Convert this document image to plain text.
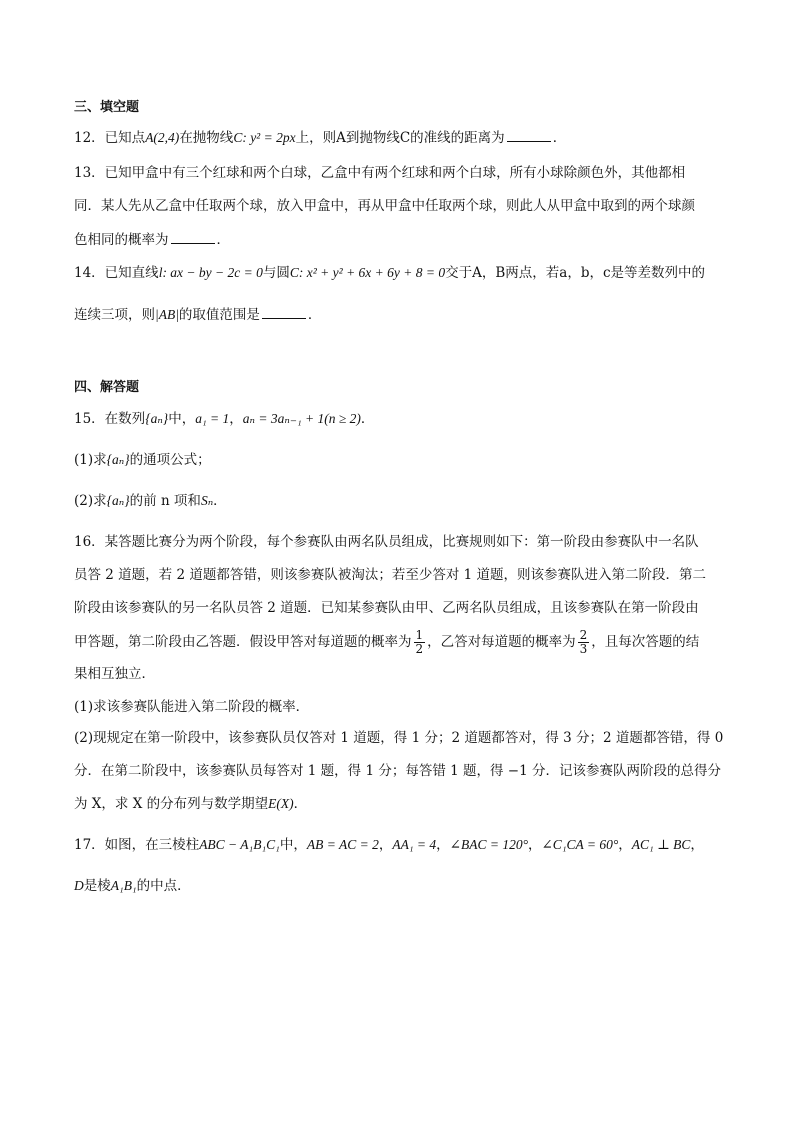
三、填空题
12．已知点A(2,4)在抛物线C: y² = 2px上，则A到抛物线C的准线的距离为	．
13．已知甲盒中有三个红球和两个白球，乙盒中有两个红球和两个白球，所有小球除颜色外，其他都相
同．某人先从乙盒中任取两个球，放入甲盒中，再从甲盒中任取两个球，则此人从甲盒中取到的两个球颜
色相同的概率为	．
14．已知直线l: ax − by − 2c = 0与圆C: x² + y² + 6x + 6y + 8 = 0交于A，B两点，若a，b，c是等差数列中的
连续三项，则|AB|的取值范围是	．
四、解答题
15．在数列{aₙ}中，a₁ = 1，aₙ = 3aₙ₋₁ + 1(n ≥ 2)．
(1)求{aₙ}的通项公式；
(2)求{aₙ}的前 n 项和Sₙ．
16．某答题比赛分为两个阶段，每个参赛队由两名队员组成，比赛规则如下：第一阶段由参赛队中一名队
员答 2 道题，若 2 道题都答错，则该参赛队被淘汰；若至少答对 1 道题，则该参赛队进入第二阶段．第二
阶段由该参赛队的另一名队员答 2 道题．已知某参赛队由甲、乙两名队员组成，且该参赛队在第一阶段由
甲答题，第二阶段由乙答题．假设甲答对每道题的概率为 $\frac{1}{2}$ ，乙答对每道题的概率为 $\frac{2}{3}$ ，且每次答题的结
果相互独立．
(1)求该参赛队能进入第二阶段的概率．
(2)现规定在第一阶段中，该参赛队员仅答对 1 道题，得 1 分；2 道题都答对，得 3 分；2 道题都答错，得 0
分．在第二阶段中，该参赛队员每答对 1 题，得 1 分；每答错 1 题，得 −1 分．记该参赛队两阶段的总得分
为 X，求 X 的分布列与数学期望E(X)．
17．如图，在三棱柱ABC − A₁B₁C₁中，AB = AC = 2，AA₁ = 4，∠BAC = 120°，∠C₁CA = 60°，AC₁ ⊥ BC，
D是棱A₁B₁的中点．
